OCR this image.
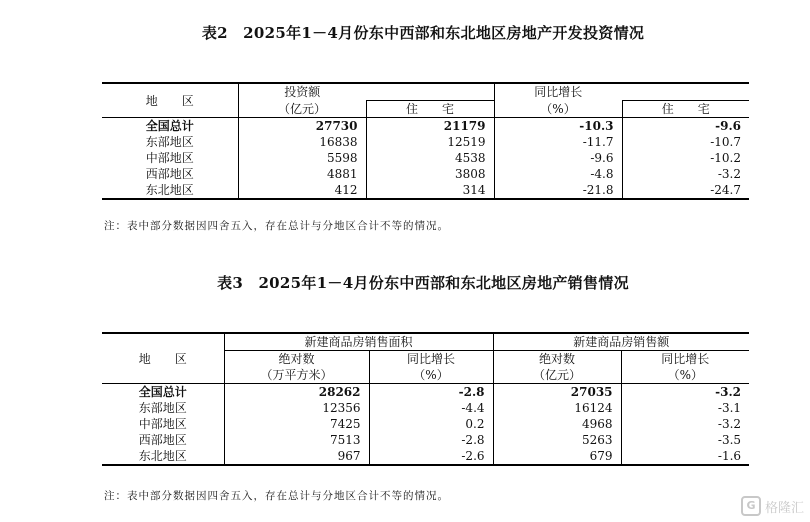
表2　2025年1－4月份东中西部和东北地区房地产开发投资情况
地　　区	投资额		同比增长	
	（亿元）	住　　宅	（%）	住　　宅
全国总计	27730	21179	-10.3	-9.6
东部地区	16838	12519	-11.7	-10.7
中部地区	5598	4538	-9.6	-10.2
西部地区	4881	3808	-4.8	-3.2
东北地区	412	314	-21.8	-24.7
注：表中部分数据因四舍五入，存在总计与分地区合计不等的情况。
表3　2025年1－4月份东中西部和东北地区房地产销售情况
地　　区	新建商品房销售面积		新建商品房销售额	
	绝对数	同比增长	绝对数	同比增长
	（万平方米）	（%）	（亿元）	（%）
全国总计	28262	-2.8	27035	-3.2
东部地区	12356	-4.4	16124	-3.1
中部地区	7425	0.2	4968	-3.2
西部地区	7513	-2.8	5263	-3.5
东北地区	967	-2.6	679	-1.6
注：表中部分数据因四舍五入，存在总计与分地区合计不等的情况。
G 格隆汇
